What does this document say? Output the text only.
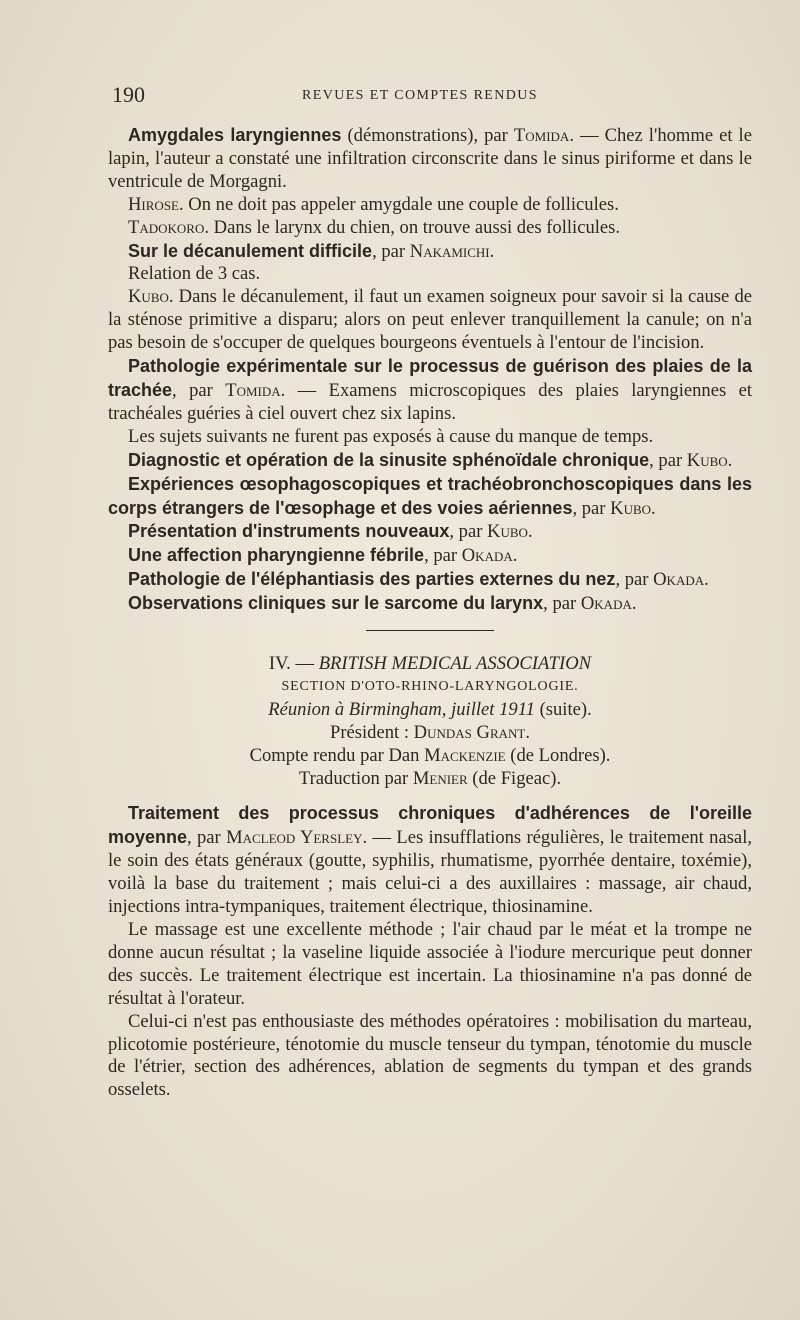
190	REVUES ET COMPTES RENDUS

Amygdales laryngiennes (démonstrations), par Tomida. — Chez l'homme et le lapin, l'auteur a constaté une infiltration circonscrite dans le sinus piriforme et dans le ventricule de Morgagni.

Hirose. On ne doit pas appeler amygdale une couple de follicules.

Tadokoro. Dans le larynx du chien, on trouve aussi des follicules.

Sur le décanulement difficile, par Nakamichi.

Relation de 3 cas.

Kubo. Dans le décanulement, il faut un examen soigneux pour savoir si la cause de la sténose primitive a disparu; alors on peut enlever tranquillement la canule; on n'a pas besoin de s'occuper de quelques bourgeons éventuels à l'entour de l'incision.

Pathologie expérimentale sur le processus de guérison des plaies de la trachée, par Tomida. — Examens microscopiques des plaies laryngiennes et trachéales guéries à ciel ouvert chez six lapins.

Les sujets suivants ne furent pas exposés à cause du manque de temps.

Diagnostic et opération de la sinusite sphénoïdale chronique, par Kubo.

Expériences œsophagoscopiques et trachéobronchoscopiques dans les corps étrangers de l'œsophage et des voies aériennes, par Kubo.

Présentation d'instruments nouveaux, par Kubo.

Une affection pharyngienne fébrile, par Okada.

Pathologie de l'éléphantiasis des parties externes du nez, par Okada.

Observations cliniques sur le sarcome du larynx, par Okada.

IV. — BRITISH MEDICAL ASSOCIATION
SECTION D'OTO-RHINO-LARYNGOLOGIE.
Réunion à Birmingham, juillet 1911 (suite).
Président : Dundas Grant.
Compte rendu par Dan Mackenzie (de Londres).
Traduction par Menier (de Figeac).

Traitement des processus chroniques d'adhérences de l'oreille moyenne, par Macleod Yersley. — Les insufflations régulières, le traitement nasal, le soin des états généraux (goutte, syphilis, rhumatisme, pyorrhée dentaire, toxémie), voilà la base du traitement ; mais celui-ci a des auxillaires : massage, air chaud, injections intra-tympaniques, traitement électrique, thiosinamine.

Le massage est une excellente méthode ; l'air chaud par le méat et la trompe ne donne aucun résultat ; la vaseline liquide associée à l'iodure mercurique peut donner des succès. Le traitement électrique est incertain. La thiosinamine n'a pas donné de résultat à l'orateur.

Celui-ci n'est pas enthousiaste des méthodes opératoires : mobilisation du marteau, plicotomie postérieure, ténotomie du muscle tenseur du tympan, ténotomie du muscle de l'étrier, section des adhérences, ablation de segments du tympan et des grands osselets.
